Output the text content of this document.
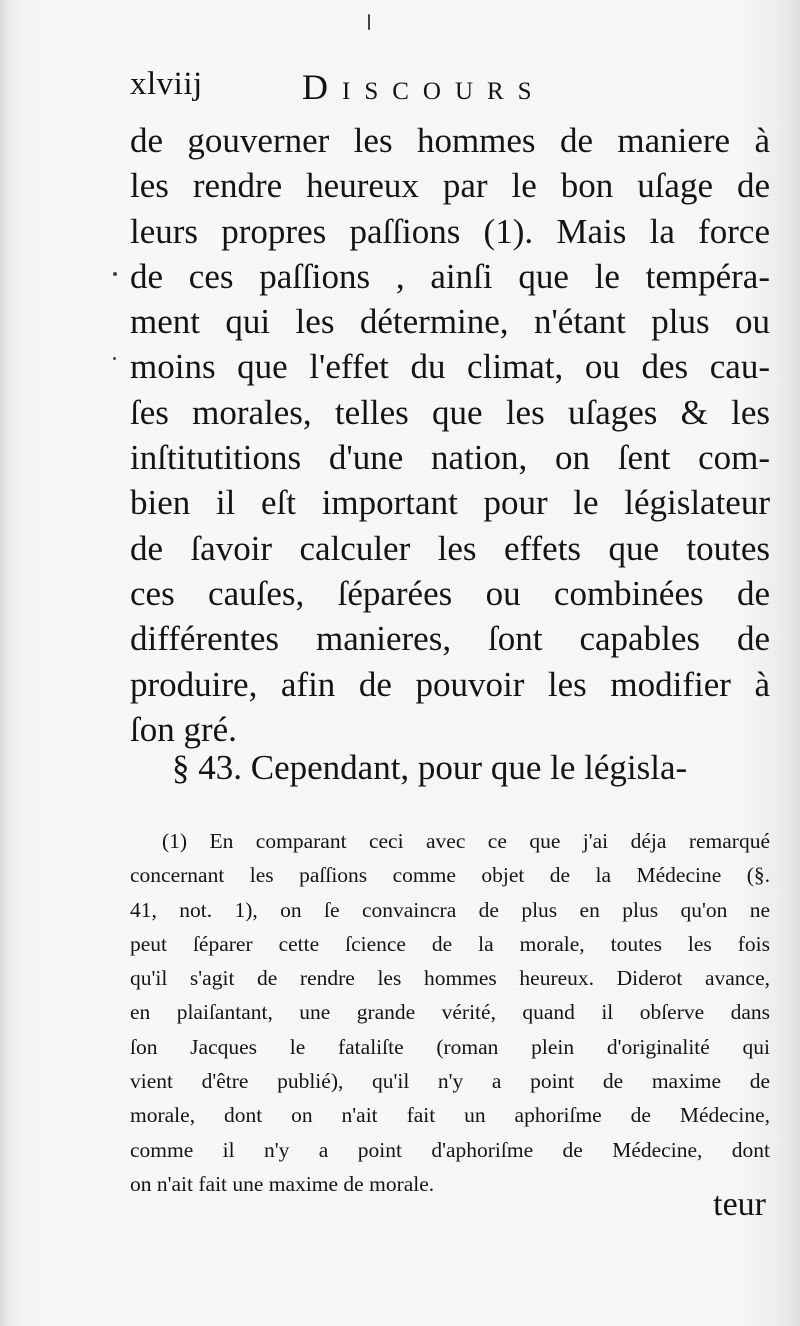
xlviij	Discours
de gouverner les hommes de maniere à
les rendre heureux par le bon uſage de
leurs propres paſſions (1). Mais la force
de ces paſſions , ainſi que le tempéra-
ment qui les détermine, n'étant plus ou
moins que l'effet du climat, ou des cau-
ſes morales, telles que les uſages & les
inſtitutitions d'une nation, on ſent com-
bien il eſt important pour le législateur
de ſavoir calculer les effets que toutes
ces cauſes, ſéparées ou combinées de
différentes manieres, ſont capables de
produire, afin de pouvoir les modifier à
ſon gré.
§ 43. Cependant, pour que le législa-
(1) En comparant ceci avec ce que j'ai déja remarqué
concernant les paſſions comme objet de la Médecine (§.
41, not. 1), on ſe convaincra de plus en plus qu'on ne
peut ſéparer cette ſcience de la morale, toutes les fois
qu'il s'agit de rendre les hommes heureux. Diderot avance,
en plaiſantant, une grande vérité, quand il obſerve dans
ſon Jacques le fataliſte (roman plein d'originalité qui
vient d'être publié), qu'il n'y a point de maxime de
morale, dont on n'ait fait un aphoriſme de Médecine,
comme il n'y a point d'aphoriſme de Médecine, dont
on n'ait fait une maxime de morale.
teur
